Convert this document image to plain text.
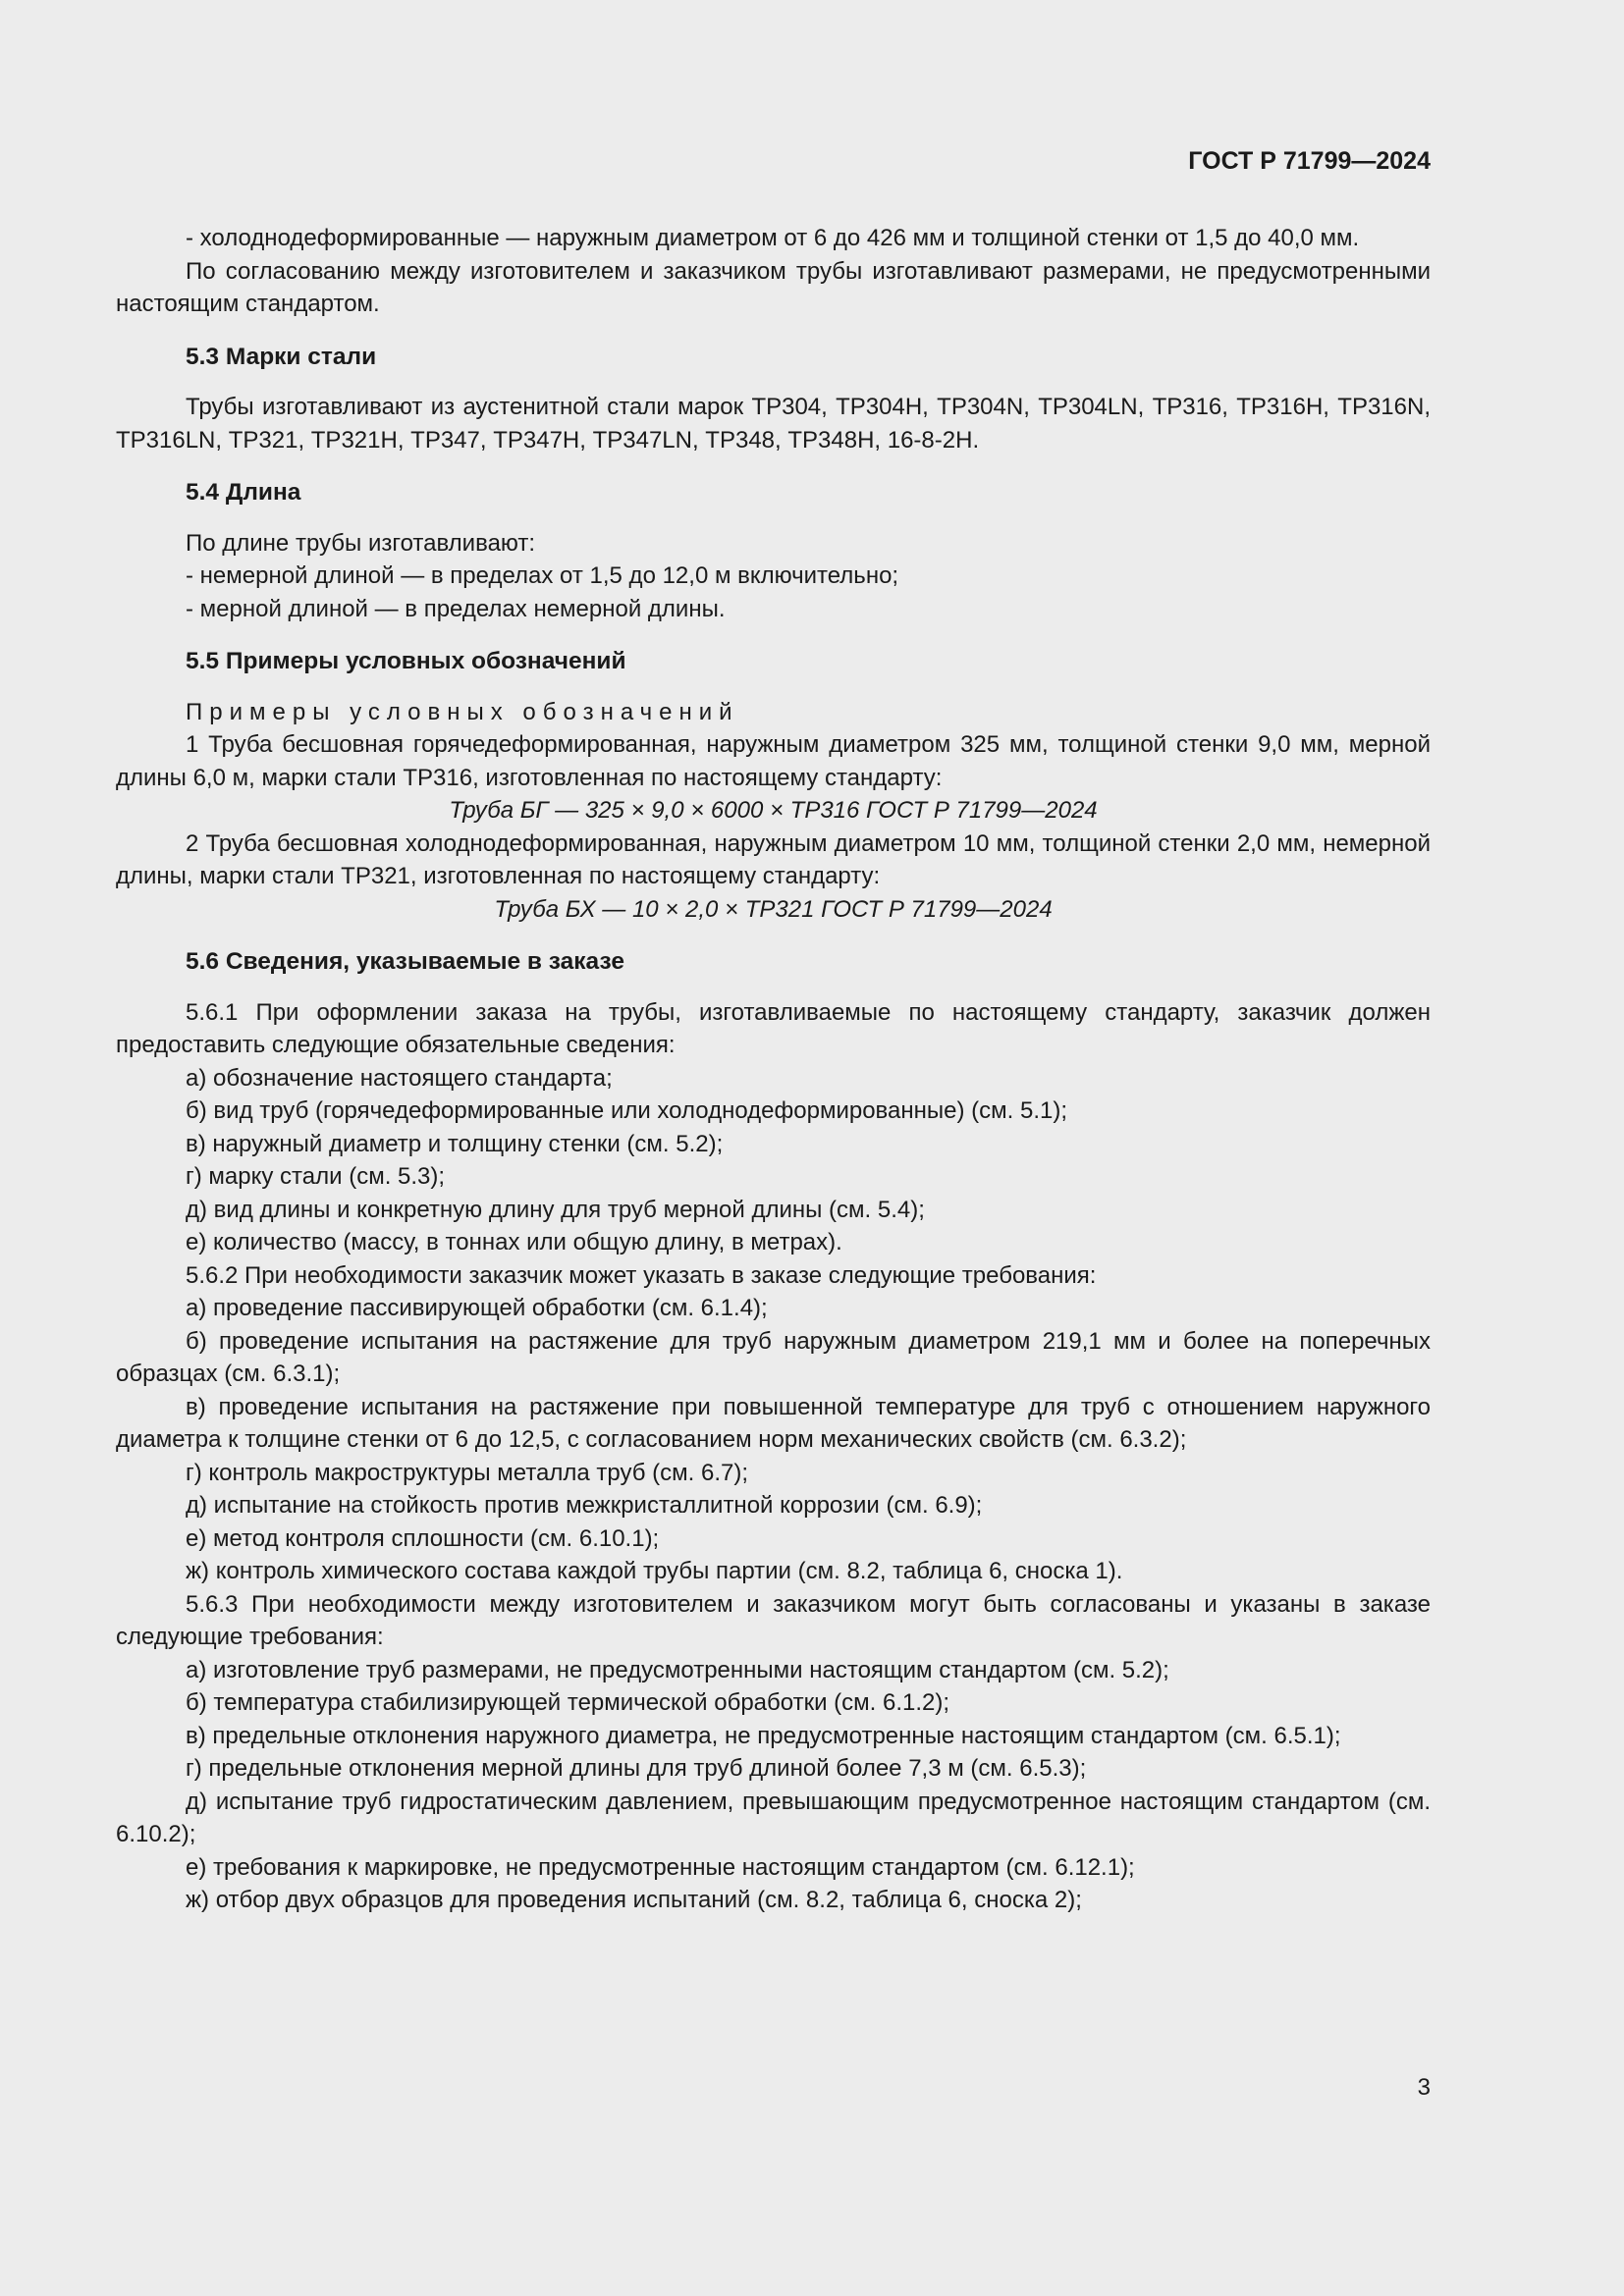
ГОСТ Р 71799—2024

- холоднодеформированные — наружным диаметром от 6 до 426 мм и толщиной стенки от 1,5 до 40,0 мм.

По согласованию между изготовителем и заказчиком трубы изготавливают размерами, не предусмотренными настоящим стандартом.

5.3 Марки стали

Трубы изготавливают из аустенитной стали марок ТР304, ТР304Н, ТР304N, ТР304LN, ТР316, ТР316Н, ТР316N, ТР316LN, ТР321, ТР321Н, ТР347, ТР347Н, ТР347LN, ТР348, ТР348Н, 16-8-2Н.

5.4 Длина

По длине трубы изготавливают:

- немерной длиной — в пределах от 1,5 до 12,0 м включительно;

- мерной длиной — в пределах немерной длины.

5.5 Примеры условных обозначений

Примеры условных обозначений

1 Труба бесшовная горячедеформированная, наружным диаметром 325 мм, толщиной стенки 9,0 мм, мерной длины 6,0 м, марки стали ТР316, изготовленная по настоящему стандарту:

Труба БГ — 325 × 9,0 × 6000 × ТР316 ГОСТ Р 71799—2024

2 Труба бесшовная холоднодеформированная, наружным диаметром 10 мм, толщиной стенки 2,0 мм, немерной длины, марки стали ТР321, изготовленная по настоящему стандарту:

Труба БХ — 10 × 2,0 × ТР321 ГОСТ Р 71799—2024

5.6 Сведения, указываемые в заказе

5.6.1 При оформлении заказа на трубы, изготавливаемые по настоящему стандарту, заказчик должен предоставить следующие обязательные сведения:

а) обозначение настоящего стандарта;

б) вид труб (горячедеформированные или холоднодеформированные) (см. 5.1);

в) наружный диаметр и толщину стенки (см. 5.2);

г) марку стали (см. 5.3);

д) вид длины и конкретную длину для труб мерной длины (см. 5.4);

е) количество (массу, в тоннах или общую длину, в метрах).

5.6.2 При необходимости заказчик может указать в заказе следующие требования:

а) проведение пассивирующей обработки (см. 6.1.4);

б) проведение испытания на растяжение для труб наружным диаметром 219,1 мм и более на поперечных образцах (см. 6.3.1);

в) проведение испытания на растяжение при повышенной температуре для труб с отношением наружного диаметра к толщине стенки от 6 до 12,5, с согласованием норм механических свойств (см. 6.3.2);

г) контроль макроструктуры металла труб (см. 6.7);

д) испытание на стойкость против межкристаллитной коррозии (см. 6.9);

е) метод контроля сплошности (см. 6.10.1);

ж) контроль химического состава каждой трубы партии (см. 8.2, таблица 6, сноска 1).

5.6.3 При необходимости между изготовителем и заказчиком могут быть согласованы и указаны в заказе следующие требования:

а) изготовление труб размерами, не предусмотренными настоящим стандартом (см. 5.2);

б) температура стабилизирующей термической обработки (см. 6.1.2);

в) предельные отклонения наружного диаметра, не предусмотренные настоящим стандартом (см. 6.5.1);

г) предельные отклонения мерной длины для труб длиной более 7,3 м (см. 6.5.3);

д) испытание труб гидростатическим давлением, превышающим предусмотренное настоящим стандартом (см. 6.10.2);

е) требования к маркировке, не предусмотренные настоящим стандартом (см. 6.12.1);

ж) отбор двух образцов для проведения испытаний (см. 8.2, таблица 6, сноска 2);

3
